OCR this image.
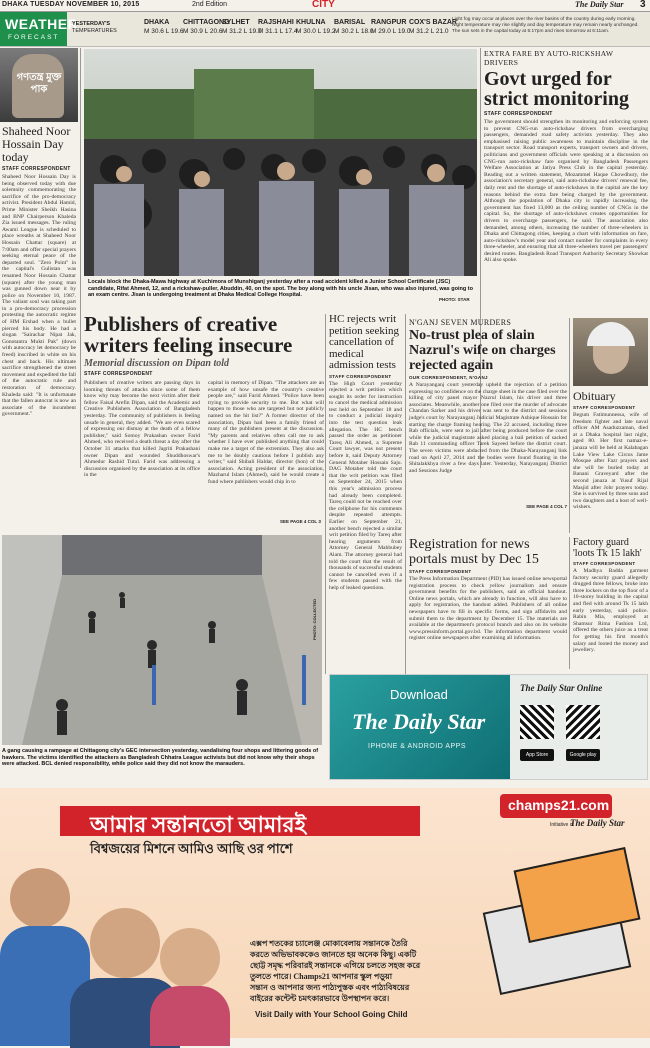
DHAKA TUESDAY NOVEMBER 10, 2015	2nd Edition	CITY	The Daily Star 3
WEATHER
FORECAST
YESTERDAY'S
TEMPERATURES
DHAKA
M 30.6 L 19.6
CHITTAGONG
M 30.9 L 20.6
SYLHET
M 31.2 L 19.7
RAJSHAHI
M 31.1 L 17.4
KHULNA
M 30.0 L 19.2
BARISAL
M 30.2 L 18.0
RANGPUR
M 29.0 L 19.0
COX'S BAZAR
M 31.2 L 21.0
Light fog may occur at places over the river basins of the country during early morning. Night temperature may rise slightly and day temperature may remain nearly unchanged. The sun sets in the capital today at 5:17pm and rises tomorrow at 6:11am.
গণতন্ত্র মুক্ত পাক
Shaheed Noor Hossain Day today
STAFF CORRESPONDENT
Shaheed Noor Hossain Day is being observed today with due solemnity commemorating the sacrifice of the pro-democracy activist. President Abdul Hamid, Prime Minister Sheikh Hasina and BNP Chairperson Khaleda Zia issued messages. The ruling Awami League is scheduled to place wreaths at Shaheed Noor Hossain Chattar (square) at 7:00am and offer special prayers seeking eternal peace of the departed soul. "Zero Point" in the capital's Gulistan was renamed Noor Hossain Chattar (square) after the young man was gunned down near it by police on November 10, 1987. The valiant soul was taking part in a pro-democracy procession protesting the autocratic regime of HM Ershad when a bullet pierced his body. He had a slogan "Sairachar Nipat Jak, Gonotantra Mukti Pak" (down with autocracy let democracy be freed) inscribed in white on his chest and back. His ultimate sacrifice strengthened the street movement and expedited the fall of the autocratic rule and restoration of democracy. Khaleda said: "It is unfortunate that the fallen autocrat is now an associate of the incumbent government."
Locals block the Dhaka-Mawa highway at Kuchimora of Munshiganj yesterday after a road accident killed a Junior School Certificate (JSC) candidate, Rifat Ahmed, 12, and a rickshaw-puller, Abuddin, 40, on the spot. The boy along with his uncle Jisan, who was also injured, was going to an exam centre. Jisan is undergoing treatment at Dhaka Medical College Hospital.
PHOTO: STAR
EXTRA FARE BY AUTO-RICKSHAW DRIVERS
Govt urged for strict monitoring
STAFF CORRESPONDENT
The government should strengthen its monitoring and enforcing system to prevent CNG-run auto-rickshaw drivers from overcharging passengers, demanded road safety activists yesterday. They also emphasised raising public awareness to maintain discipline in the transport sector. Road transport experts, transport owners and drivers, politicians and government officials were speaking at a discussion on CNG-run auto-rickshaw fare organised by Bangladesh Passengers Welfare Association at Jatiya Press Club in the capital yesterday. Reading out a written statement, Mozammel Haque Chowdhury, the association's secretary general, said auto-rickshaw drivers' renewal fee, daily rent and the shortage of auto-rickshaws in the capital are the key reasons behind the extra fare being charged by the government. Although the population of Dhaka city is rapidly increasing, the government has fixed 13,000 as the ceiling number of CNGs in the capital. So, the shortage of auto-rickshaws creates opportunities for drivers to overcharge passengers, he said. The association also demanded, among others, increasing the number of three-wheelers in Dhaka and Chittagong cities, keeping a chart with information on fare, auto-rickshaw's model year and contact number for complaints in every three-wheeler, and ensuring that all three-wheelers travel per passengers' desired routes. Bangladesh Road Transport Authority Secretary Showkat Ali also spoke.
Publishers of creative writers feeling insecure
Memorial discussion on Dipan told
STAFF CORRESPONDENT
Publishers of creative writers are passing days in looming threats of attacks since some of them know why may become the next victim after their fellow Faisal Arefin Dipan, said the Academic and Creative Publishers Association of Bangladesh yesterday. The community of publishers is feeling unsafe in general, they added. "We are even scared of expressing our dismay at the death of a fellow publisher," said Somoy Prakashan owner Farid Ahmed, who received a death threat a day after the October 31 attacks that killed Jagriti Prakashani owner Dipan and wounded Shuddhoswar's Ahmedur Rashid Tutul. Farid was addressing a discussion organised by the association at its office in the
capital in memory of Dipan. "The attackers are an example of how unsafe the country's creative people are," said Farid Ahmed. "Police have been trying to provide security to me. But what will happen to those who are targeted but not publicly named on the hit list?" A former director of the association, Dipan had been a family friend of many of the publishers present at the discussion. "My parents and relatives often call me to ask whether I have ever published anything that could make me a target of the extremists. They also ask me to be doubly cautious before I publish any writer," said Shibali Haldar, director (hon) of the association. Acting president of the association, Mazharul Islam (Ahmed), said he would create a fund where publishers would chip in to
SEE PAGE 4 COL 3
HC rejects writ petition seeking cancellation of medical admission tests
STAFF CORRESPONDENT
The High Court yesterday rejected a writ petition which sought its order for instruction to cancel the medical admission test held on September 18 and to conduct a judicial inquiry into the test question leak allegation. The HC bench passed the order as petitioner Tareq Ali Ahmed, a Supreme Court lawyer, was not present before it, said Deputy Attorney General Motaher Hossain Saju. DAG Motaher told the court that the writ petition was filed on September 24, 2015 when this year's admission process had already been completed. Tareq could not be reached over the cellphone for his comments despite repeated attempts. Earlier on September 21, another bench rejected a similar writ petition filed by Tareq after hearing arguments from Attorney General Mahbubey Alam. The attorney general had told the court that the result of thousands of successful students cannot be cancelled even if a few students passed with the help of leaked questions.
N'GANJ SEVEN MURDERS
No-trust plea of slain Nazrul's wife on charges rejected again
OUR CORRESPONDENT, N'GANJ
A Narayanganj court yesterday upheld the rejection of a petition expressing no confidence on the charge sheet in the case filed over the killing of city panel mayor Nazrul Islam, his driver and three associates. Meanwhile, another one filed over the murder of advocate Chandan Sarker and his driver was sent to the district and sessions judge's court by Narayanganj Judicial Magistrate Ashique Hossain for starting the charge framing hearing. The 22 accused, including three Rab officials, were sent to jail after being produced before the court while the judicial magistrate asked placing a bail petition of sacked Rab 11 commanding officer Tarek Sayeed before the district court. The seven victims were abducted from the Dhaka-Narayanganj link road on April 27, 2014 and the bodies were found floating in the Shitalakkhya river a few days later. Yesterday, Narayanganj District and Sessions Judge
SEE PAGE 4 COL 7
Obituary
STAFF CORRESPONDENT
Begum Fatimunnessa, wife of freedom fighter and late naval officer AM Asaduzzaman, died at a Dhaka hospital last night, aged 80. Her first namaz-e-janaza will be held at Kalabagan Lake View Lake Circus Jame Mosque after Fazr prayers and she will be buried today at Banani Graveyard after the second janaza at Yusuf Rijal Masjid after Johr prayers today. She is survived by three sons and two daughters and a host of well-wishers.
Registration for news portals must by Dec 15
STAFF CORRESPONDENT
The Press Information Department (PID) has issued online newsportal registration process to check yellow journalism and ensure government benefits for the publishers, said an official handout. Online news portals, which are already in function, will also have to apply for registration, the handout added. Publishers of all online newspapers have to fill in specific forms, and sign affidavits and submit them to the department by December 15. The materials are available at the department's protocol branch and also on its website www.pressinform.portal.gov.bd. The information department would register online newspapers after examining all information.
Factory guard 'loots Tk 15 lakh'
STAFF CORRESPONDENT
A Madhya Badda garment factory security guard allegedly drugged three fellows, broke into three lockers on the top floor of a 10-storey building in the capital and fled with around Tk 15 lakh early yesterday, said police. Rabin Mia, employed at Shamsur Rima Fashion Ltd, offered the others juice as a treat for getting his first month's salary and looted the money and jewellery.
PHOTO: COLLECTED
A gang causing a rampage at Chittagong city's GEC intersection yesterday, vandalising four shops and littering goods of hawkers. The victims identified the attackers as Bangladesh Chhatra League activists but did not know why their shops were attacked. BCL denied responsibility, while police said they did not know the marauders.
Download
The Daily Star
IPHONE & ANDROID APPS
The Daily Star Online
App Store	Google play
আমার সন্তানতো আমারই
বিশ্বজয়ের মিশনে আমিও আছি ওর পাশে
champs21.com
Initiative of
The Daily Star
এক্সপ শতকের চ্যালেঞ্জ মোকাবেলায় সন্তানকে তৈরি
করতে অভিভাবককেও জানতে হয় অনেক কিছু। একটি
ছোট্ট সমৃদ্ধ পরিবারই সন্তানকে এগিয়ে চলতে সহজ করে
তুলতে পারে। Champs21 আপনার স্কুল পড়ুয়া
সন্তান ও আপনার জন্য পাঠ্যপুস্তক এবং পাঠ্যবিষয়ের
বাইরের কন্টেন্ট চমৎকারভাবে উপস্থাপন করে।
Visit Daily with Your School Going Child
